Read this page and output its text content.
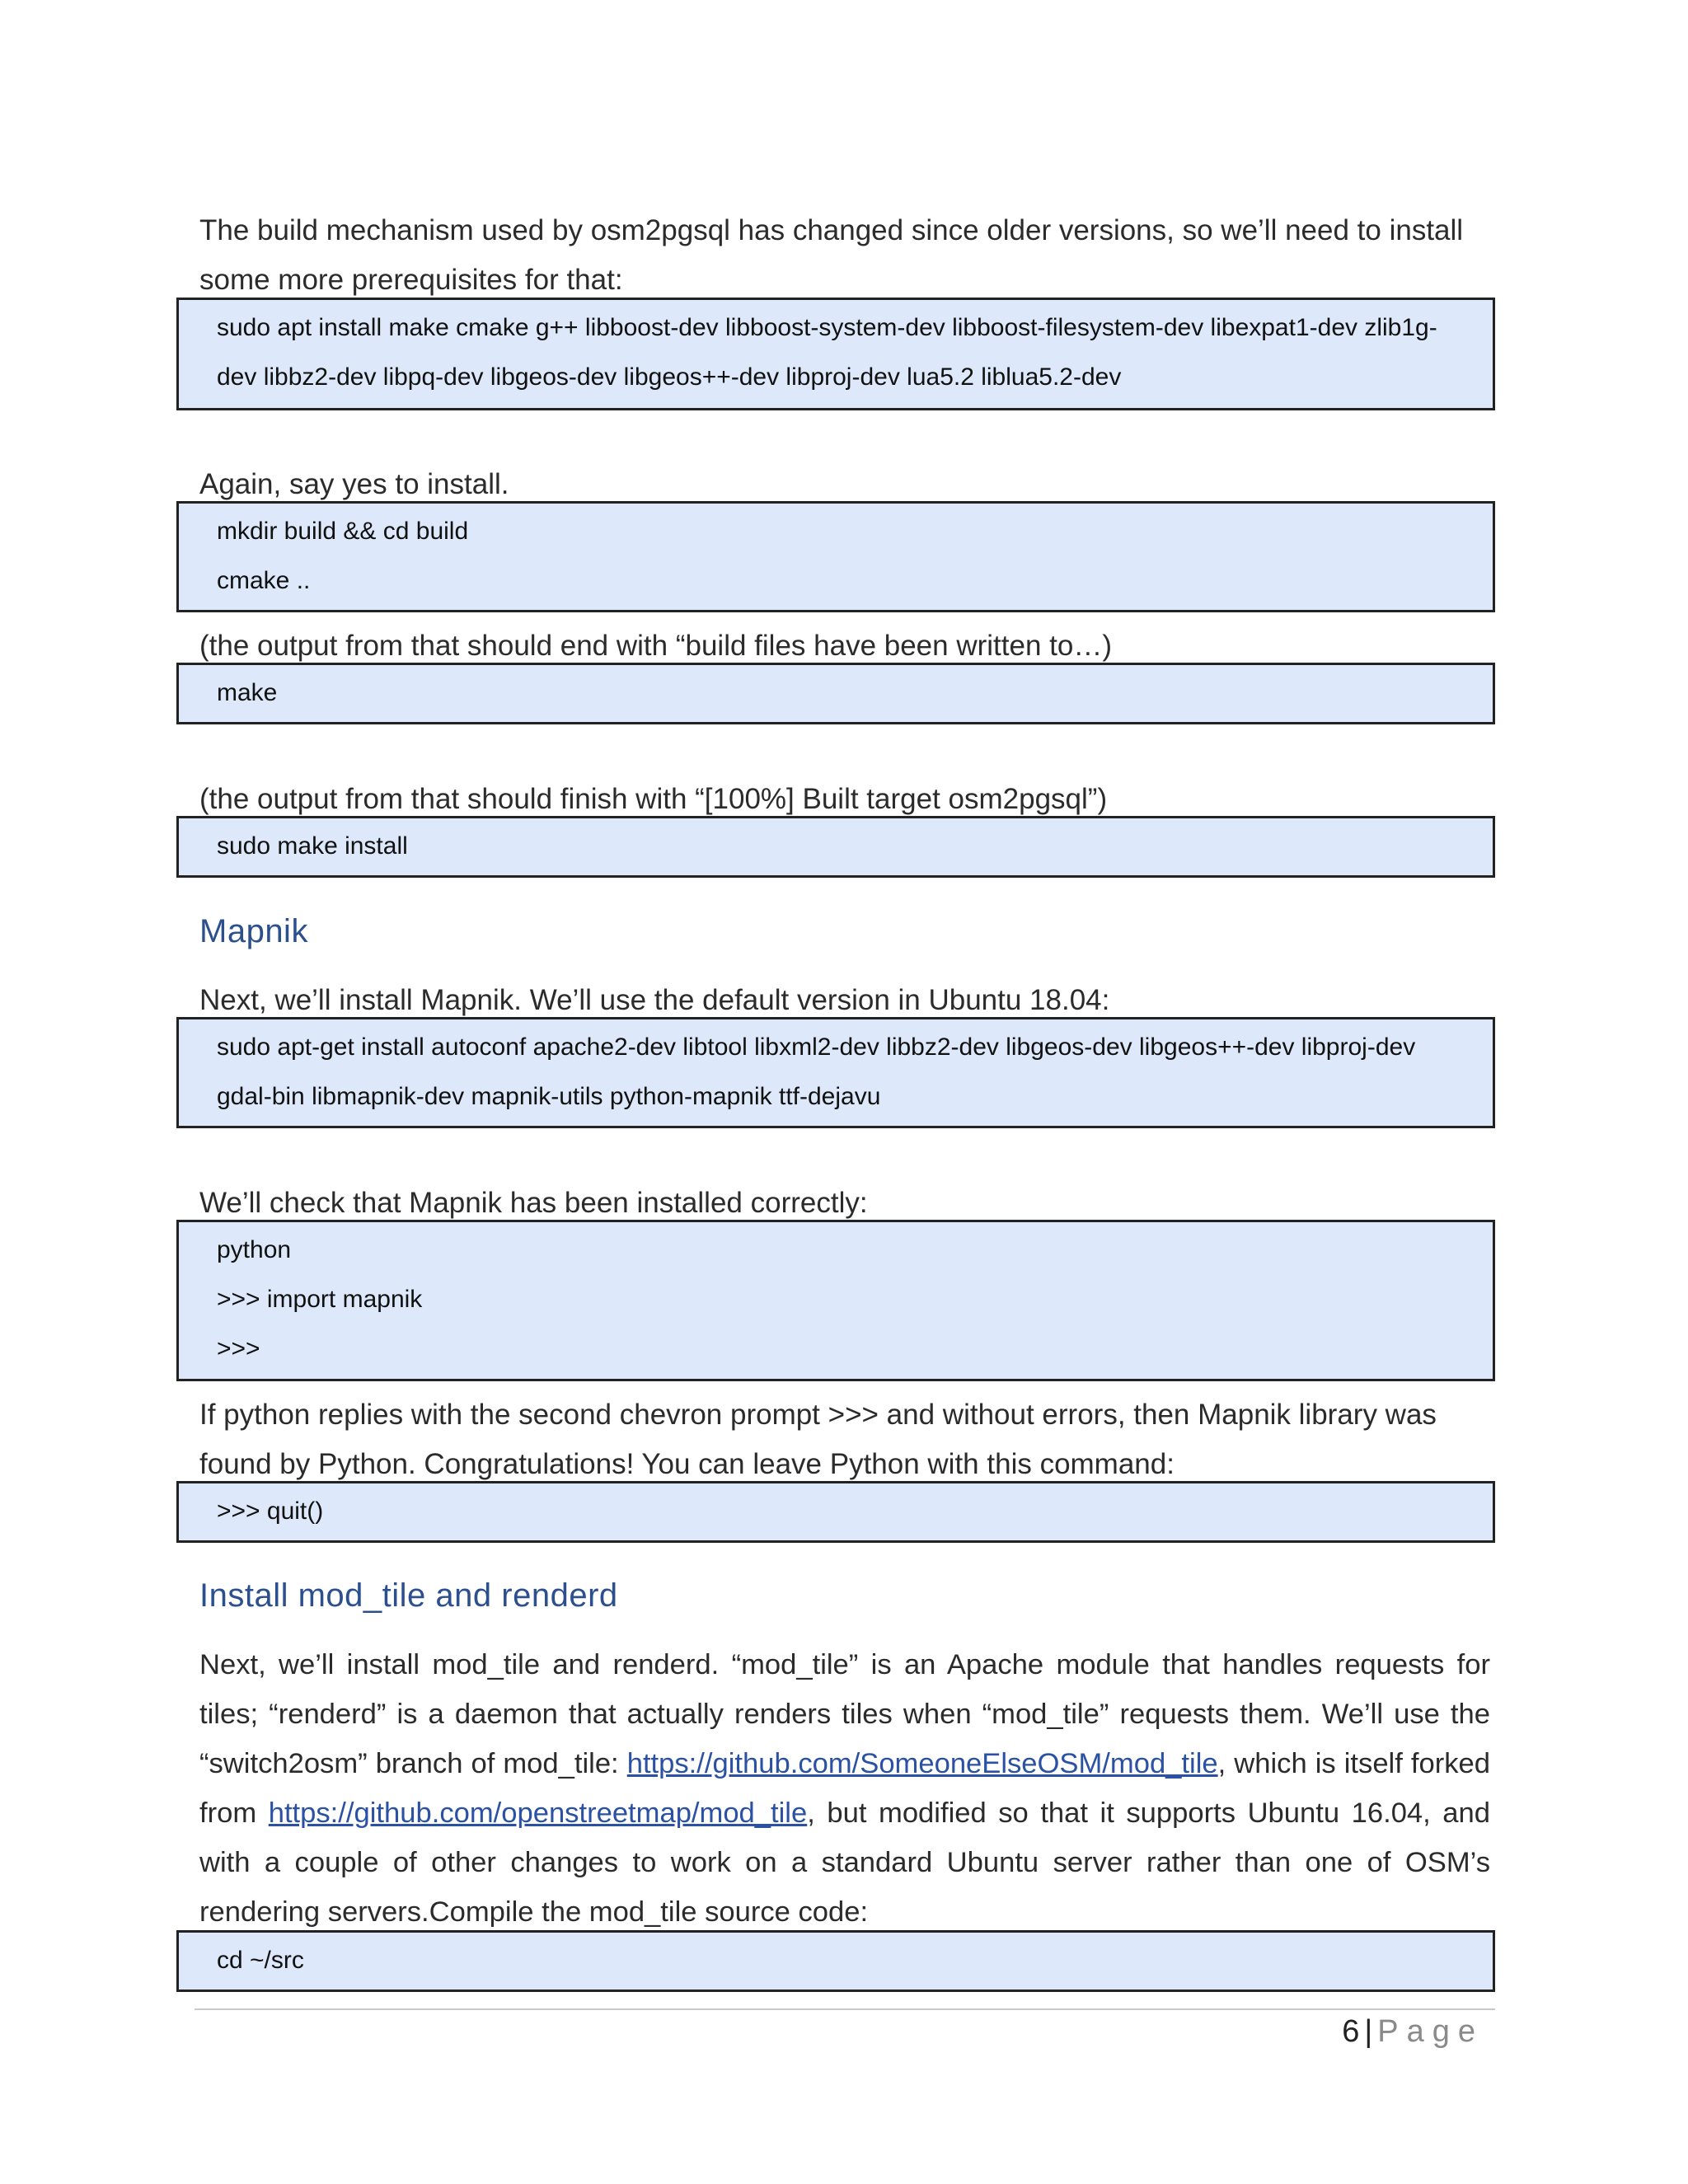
The build mechanism used by osm2pgsql has changed since older versions, so we’ll need to install
some more prerequisites for that:

sudo apt install make cmake g++ libboost-dev libboost-system-dev libboost-filesystem-dev libexpat1-dev zlib1g-
dev libbz2-dev libpq-dev libgeos-dev libgeos++-dev libproj-dev lua5.2 liblua5.2-dev

Again, say yes to install.

mkdir build && cd build
cmake ..

(the output from that should end with “build files have been written to…)

make

(the output from that should finish with “[100%] Built target osm2pgsql”)

sudo make install
Mapnik

Next, we’ll install Mapnik. We’ll use the default version in Ubuntu 18.04:

sudo apt-get install autoconf apache2-dev libtool libxml2-dev libbz2-dev libgeos-dev libgeos++-dev libproj-dev
gdal-bin libmapnik-dev mapnik-utils python-mapnik ttf-dejavu

We’ll check that Mapnik has been installed correctly:

python
>>> import mapnik
>>>

If python replies with the second chevron prompt >>> and without errors, then Mapnik library was
found by Python. Congratulations! You can leave Python with this command:

>>> quit()
Install mod_tile and renderd

Next, we’ll install mod_tile and renderd. “mod_tile” is an Apache module that handles requests for tiles; “renderd” is a daemon that actually renders tiles when “mod_tile” requests them. We’ll use the “switch2osm” branch of mod_tile: https://github.com/SomeoneElseOSM/mod_tile, which is itself forked from https://github.com/openstreetmap/mod_tile, but modified so that it supports Ubuntu 16.04, and with a couple of other changes to work on a standard Ubuntu server rather than one of OSM’s rendering servers.Compile the mod_tile source code:

cd ~/src
6 | Page
